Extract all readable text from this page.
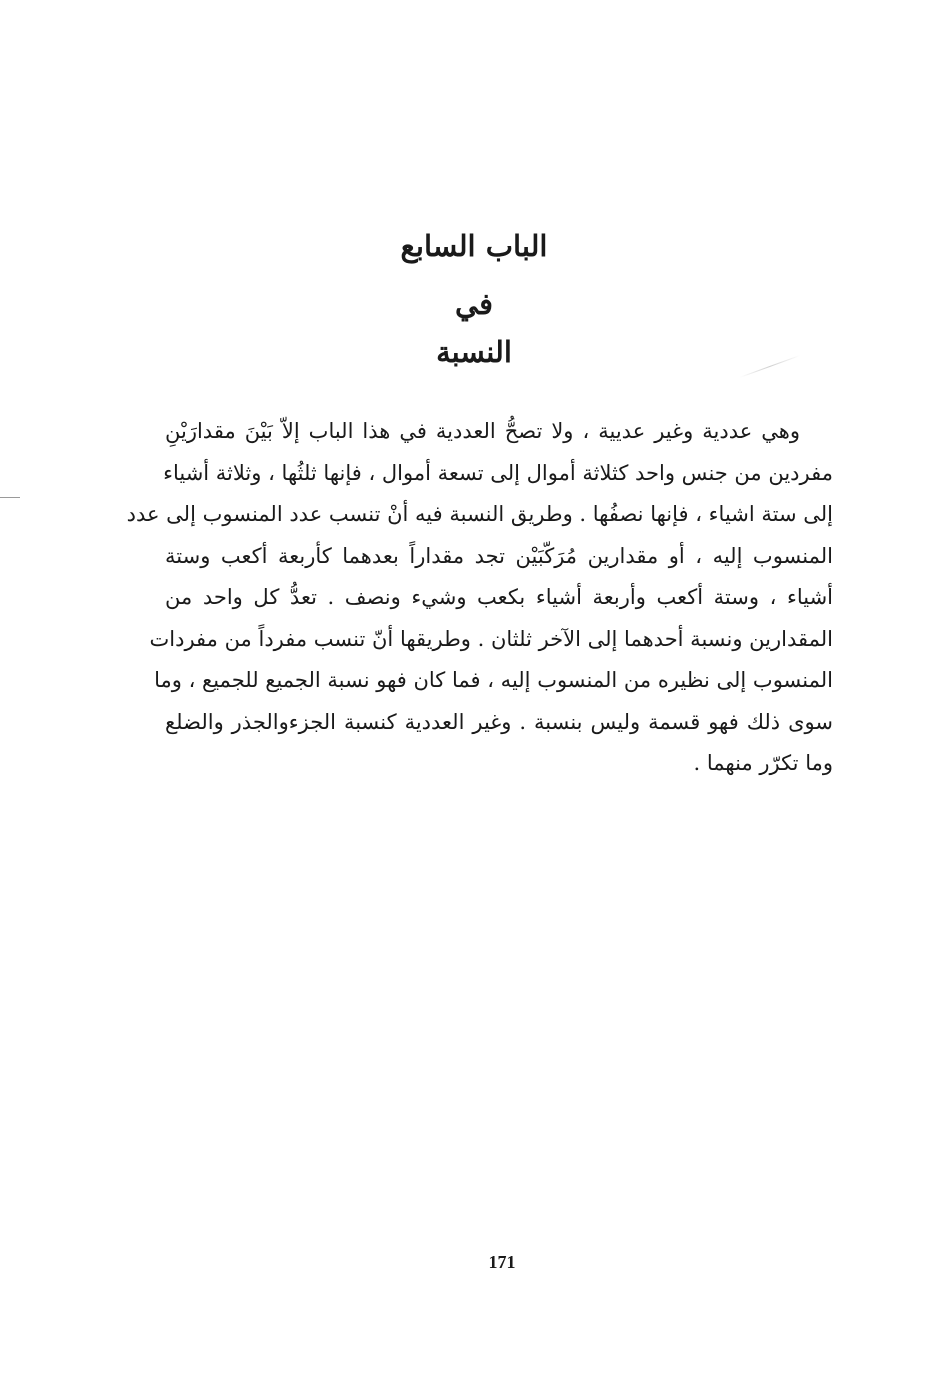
الباب السابع
في
النسبة
وهي عددية وغير عديية ، ولا تصحُّ العددية في هذا الباب إلاّ بَيْنَ مقدارَيْنِ
مفردين من جنس واحد كثلاثة أموال إلى تسعة أموال ، فإنها ثلثُها ، وثلاثة أشياء
إلى ستة اشياء ، فإنها نصفُها . وطريق النسبة فيه أنْ تنسب عدد المنسوب إلى عدد
المنسوب إليه ، أو مقدارين مُرَكّبَيْن تجد مقداراً بعدهما كأربعة أكعب وستة
أشياء ، وستة أكعب وأربعة أشياء بكعب وشيء ونصف . تعدُّ كل واحد من
المقدارين ونسبة أحدهما إلى الآخر ثلثان . وطريقها أنّ تنسب مفرداً من مفردات
المنسوب إلى نظيره من المنسوب إليه ، فما كان فهو نسبة الجميع للجميع ، وما
سوى ذلك فهو قسمة وليس بنسبة . وغير العددية كنسبة الجزءوالجذر والضلع
وما تكرّر منهما .
171
